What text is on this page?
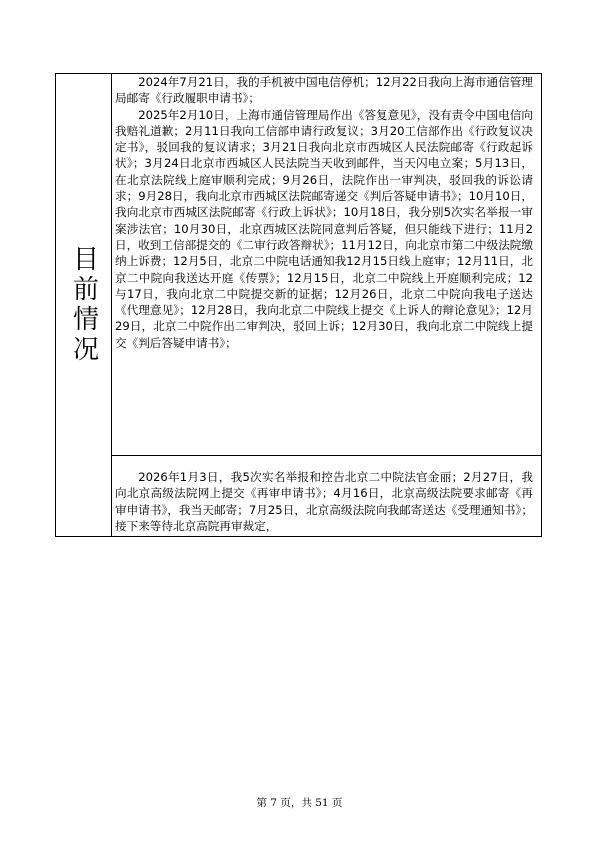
目前情况

2024年7月21日，我的手机被中国电信停机；12月22日我向上海市通信管理局邮寄《行政履职申请书》；

2025年2月10日，上海市通信管理局作出《答复意见》，没有责令中国电信向我赔礼道歉；2月11日我向工信部申请行政复议；3月20工信部作出《行政复议决定书》，驳回我的复议请求；3月21日我向北京市西城区人民法院邮寄《行政起诉状》；3月24日北京市西城区人民法院当天收到邮件，当天闪电立案；5月13日，在北京法院线上庭审顺利完成；9月26日，法院作出一审判决，驳回我的诉讼请求；9月28日，我向北京市西城区法院邮寄递交《判后答疑申请书》；10月10日，我向北京市西城区法院邮寄《行政上诉状》；10月18日，我分别5次实名举报一审案涉法官；10月30日，北京西城区法院同意判后答疑，但只能线下进行；11月2日，收到工信部提交的《二审行政答辩状》；11月12日，向北京市第二中级法院缴纳上诉费；12月5日，北京二中院电话通知我12月15日线上庭审；12月11日，北京二中院向我送达开庭《传票》；12月15日，北京二中院线上开庭顺利完成；12与17日，我向北京二中院提交新的证据；12月26日，北京二中院向我电子送达《代理意见》；12月28日，我向北京二中院线上提交《上诉人的辩论意见》；12月29日，北京二中院作出二审判决，驳回上诉；12月30日，我向北京二中院线上提交《判后答疑申请书》；

2026年1月3日，我5次实名举报和控告北京二中院法官金丽；2月27日，我向北京高级法院网上提交《再审申请书》；4月16日，北京高级法院要求邮寄《再审申请书》，我当天邮寄；7月25日，北京高级法院向我邮寄送达《受理通知书》；接下来等待北京高院再审裁定，

第 7 页，共 51 页
